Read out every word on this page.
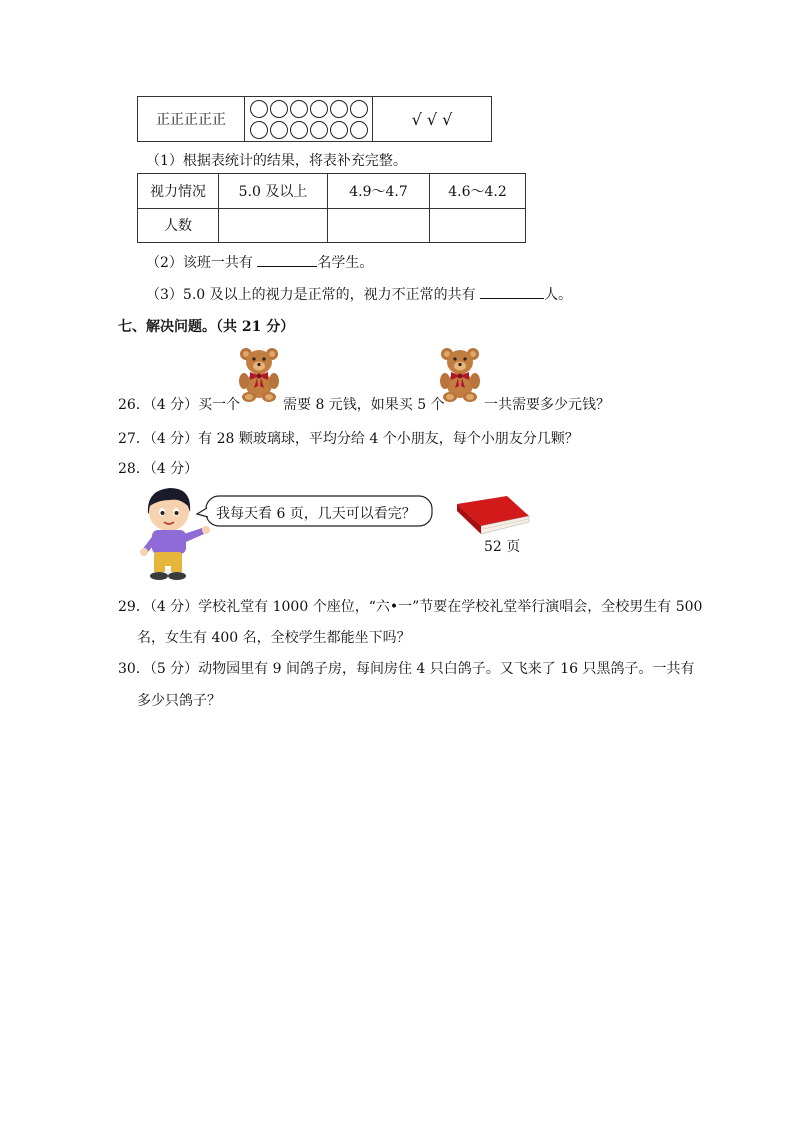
正正正正正		√ √ √
（1）根据表统计的结果，将表补充完整。
视力情况	5.0 及以上	4.9～4.7	4.6～4.2
人数			
（2）该班一共有	名学生。
（3）5.0 及以上的视力是正常的，视力不正常的共有	人。
七、解决问题。（共 21 分）
26．（4 分）买一个	需要 8 元钱，如果买 5 个	一共需要多少元钱？
27．（4 分）有 28 颗玻璃球，平均分给 4 个小朋友，每个小朋友分几颗？
28．（4 分）
我每天看 6 页，几天可以看完？
52 页
29．（4 分）学校礼堂有 1000 个座位，“六•一”节要在学校礼堂举行演唱会，全校男生有 500
名，女生有 400 名，全校学生都能坐下吗？
30．（5 分）动物园里有 9 间鸽子房，每间房住 4 只白鸽子。又飞来了 16 只黑鸽子。一共有
多少只鸽子？
